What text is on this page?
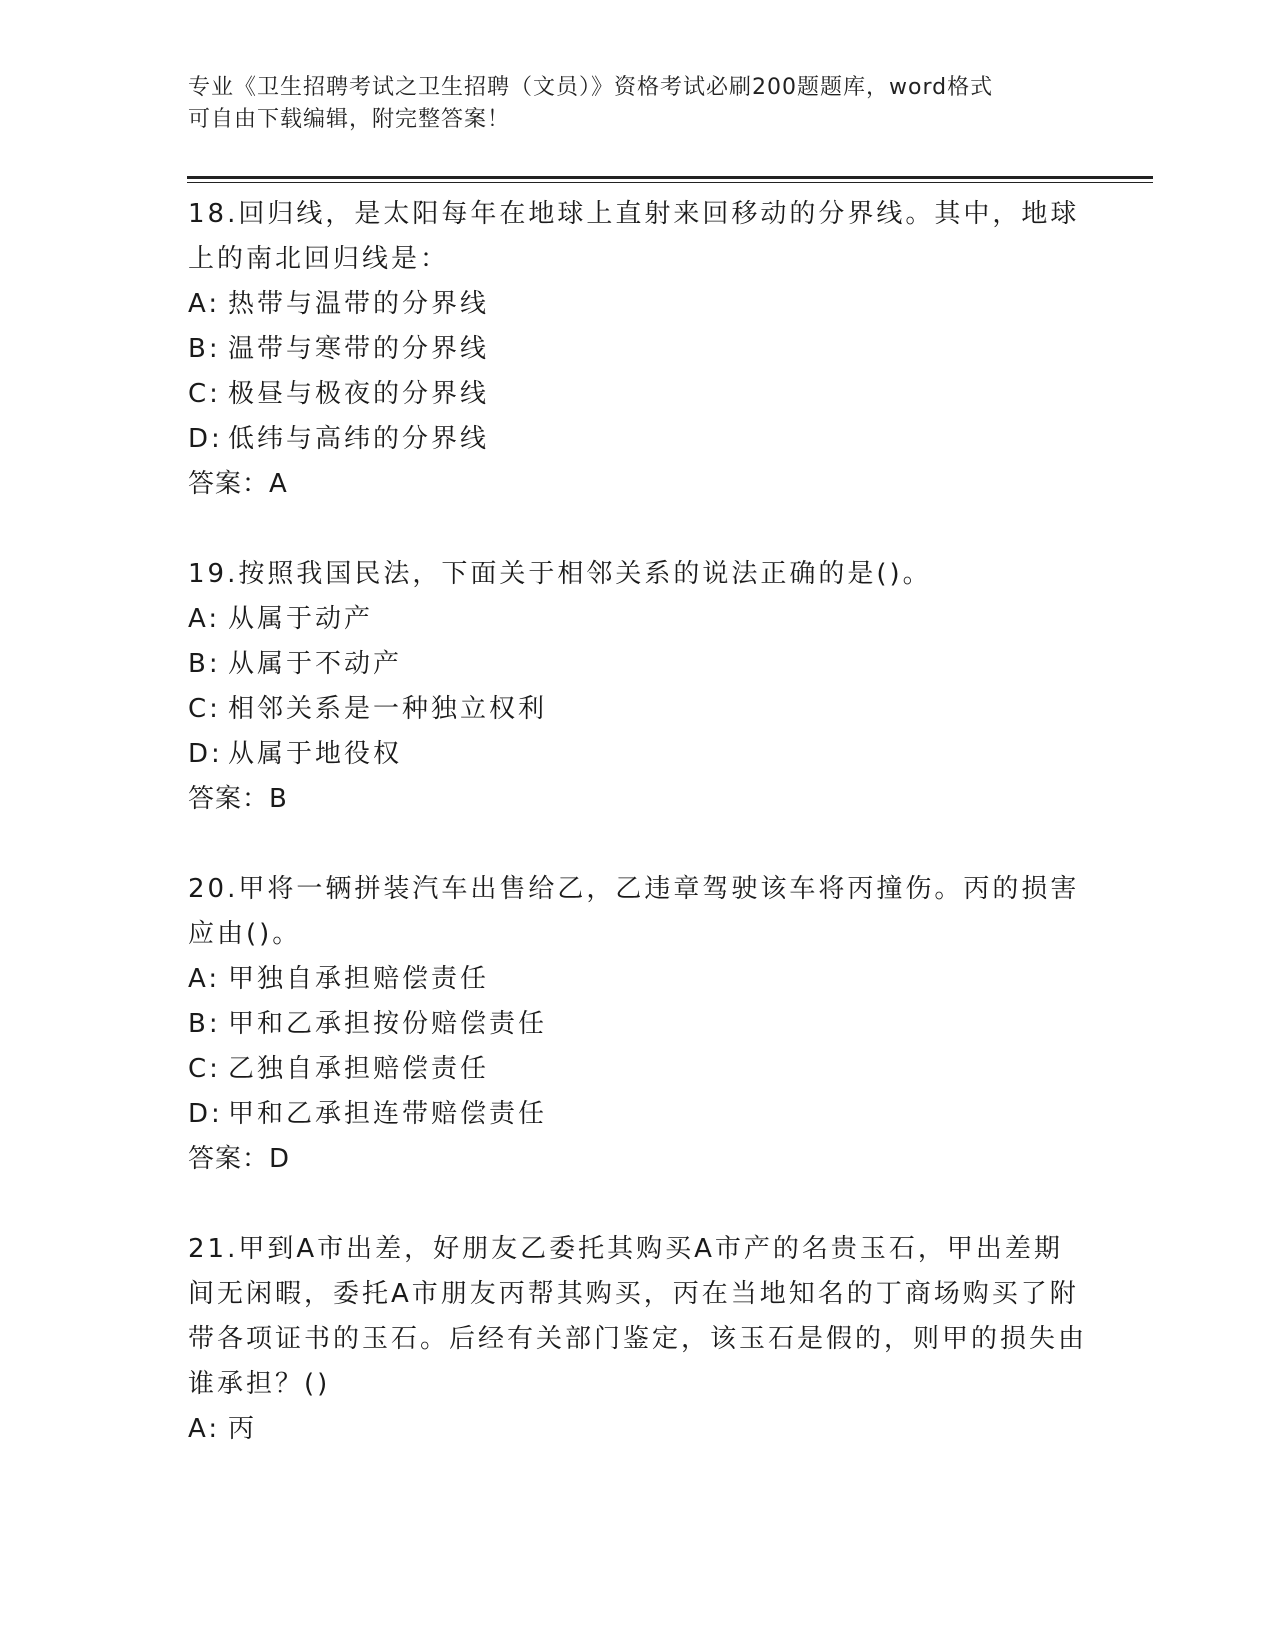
专业《卫生招聘考试之卫生招聘（文员）》资格考试必刷200题题库，word格式
可自由下载编辑，附完整答案！

18.回归线，是太阳每年在地球上直射来回移动的分界线。其中，地球上的南北回归线是：

A: 热带与温带的分界线

B: 温带与寒带的分界线

C: 极昼与极夜的分界线

D: 低纬与高纬的分界线

答案：A

19.按照我国民法，下面关于相邻关系的说法正确的是()。

A: 从属于动产

B: 从属于不动产

C: 相邻关系是一种独立权利

D: 从属于地役权

答案：B

20.甲将一辆拼装汽车出售给乙，乙违章驾驶该车将丙撞伤。丙的损害应由()。

A: 甲独自承担赔偿责任

B: 甲和乙承担按份赔偿责任

C: 乙独自承担赔偿责任

D: 甲和乙承担连带赔偿责任

答案：D

21.甲到A市出差，好朋友乙委托其购买A市产的名贵玉石，甲出差期间无闲暇，委托A市朋友丙帮其购买，丙在当地知名的丁商场购买了附带各项证书的玉石。后经有关部门鉴定，该玉石是假的，则甲的损失由谁承担？()

A: 丙
